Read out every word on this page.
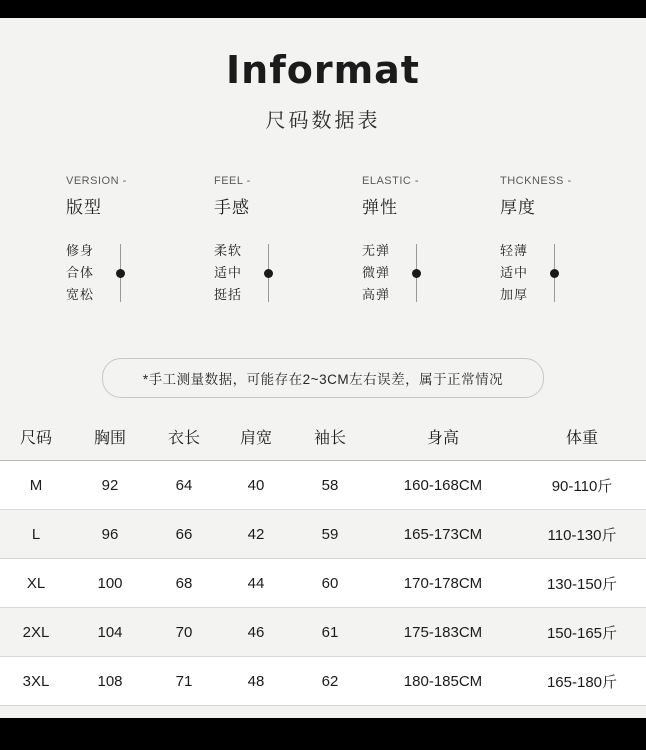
Informat
尺码数据表
VERSION -
版型
修身
合体
宽松
FEEL -
手感
柔软
适中
挺括
ELASTIC -
弹性
无弹
微弹
高弹
THCKNESS -
厚度
轻薄
适中
加厚
*手工测量数据，可能存在2~3CM左右误差，属于正常情况
尺码	胸围	衣长	肩宽	袖长	身高	体重
M	92	64	40	58	160-168CM	90-110斤
L	96	66	42	59	165-173CM	110-130斤
XL	100	68	44	60	170-178CM	130-150斤
2XL	104	70	46	61	175-183CM	150-165斤
3XL	108	71	48	62	180-185CM	165-180斤
